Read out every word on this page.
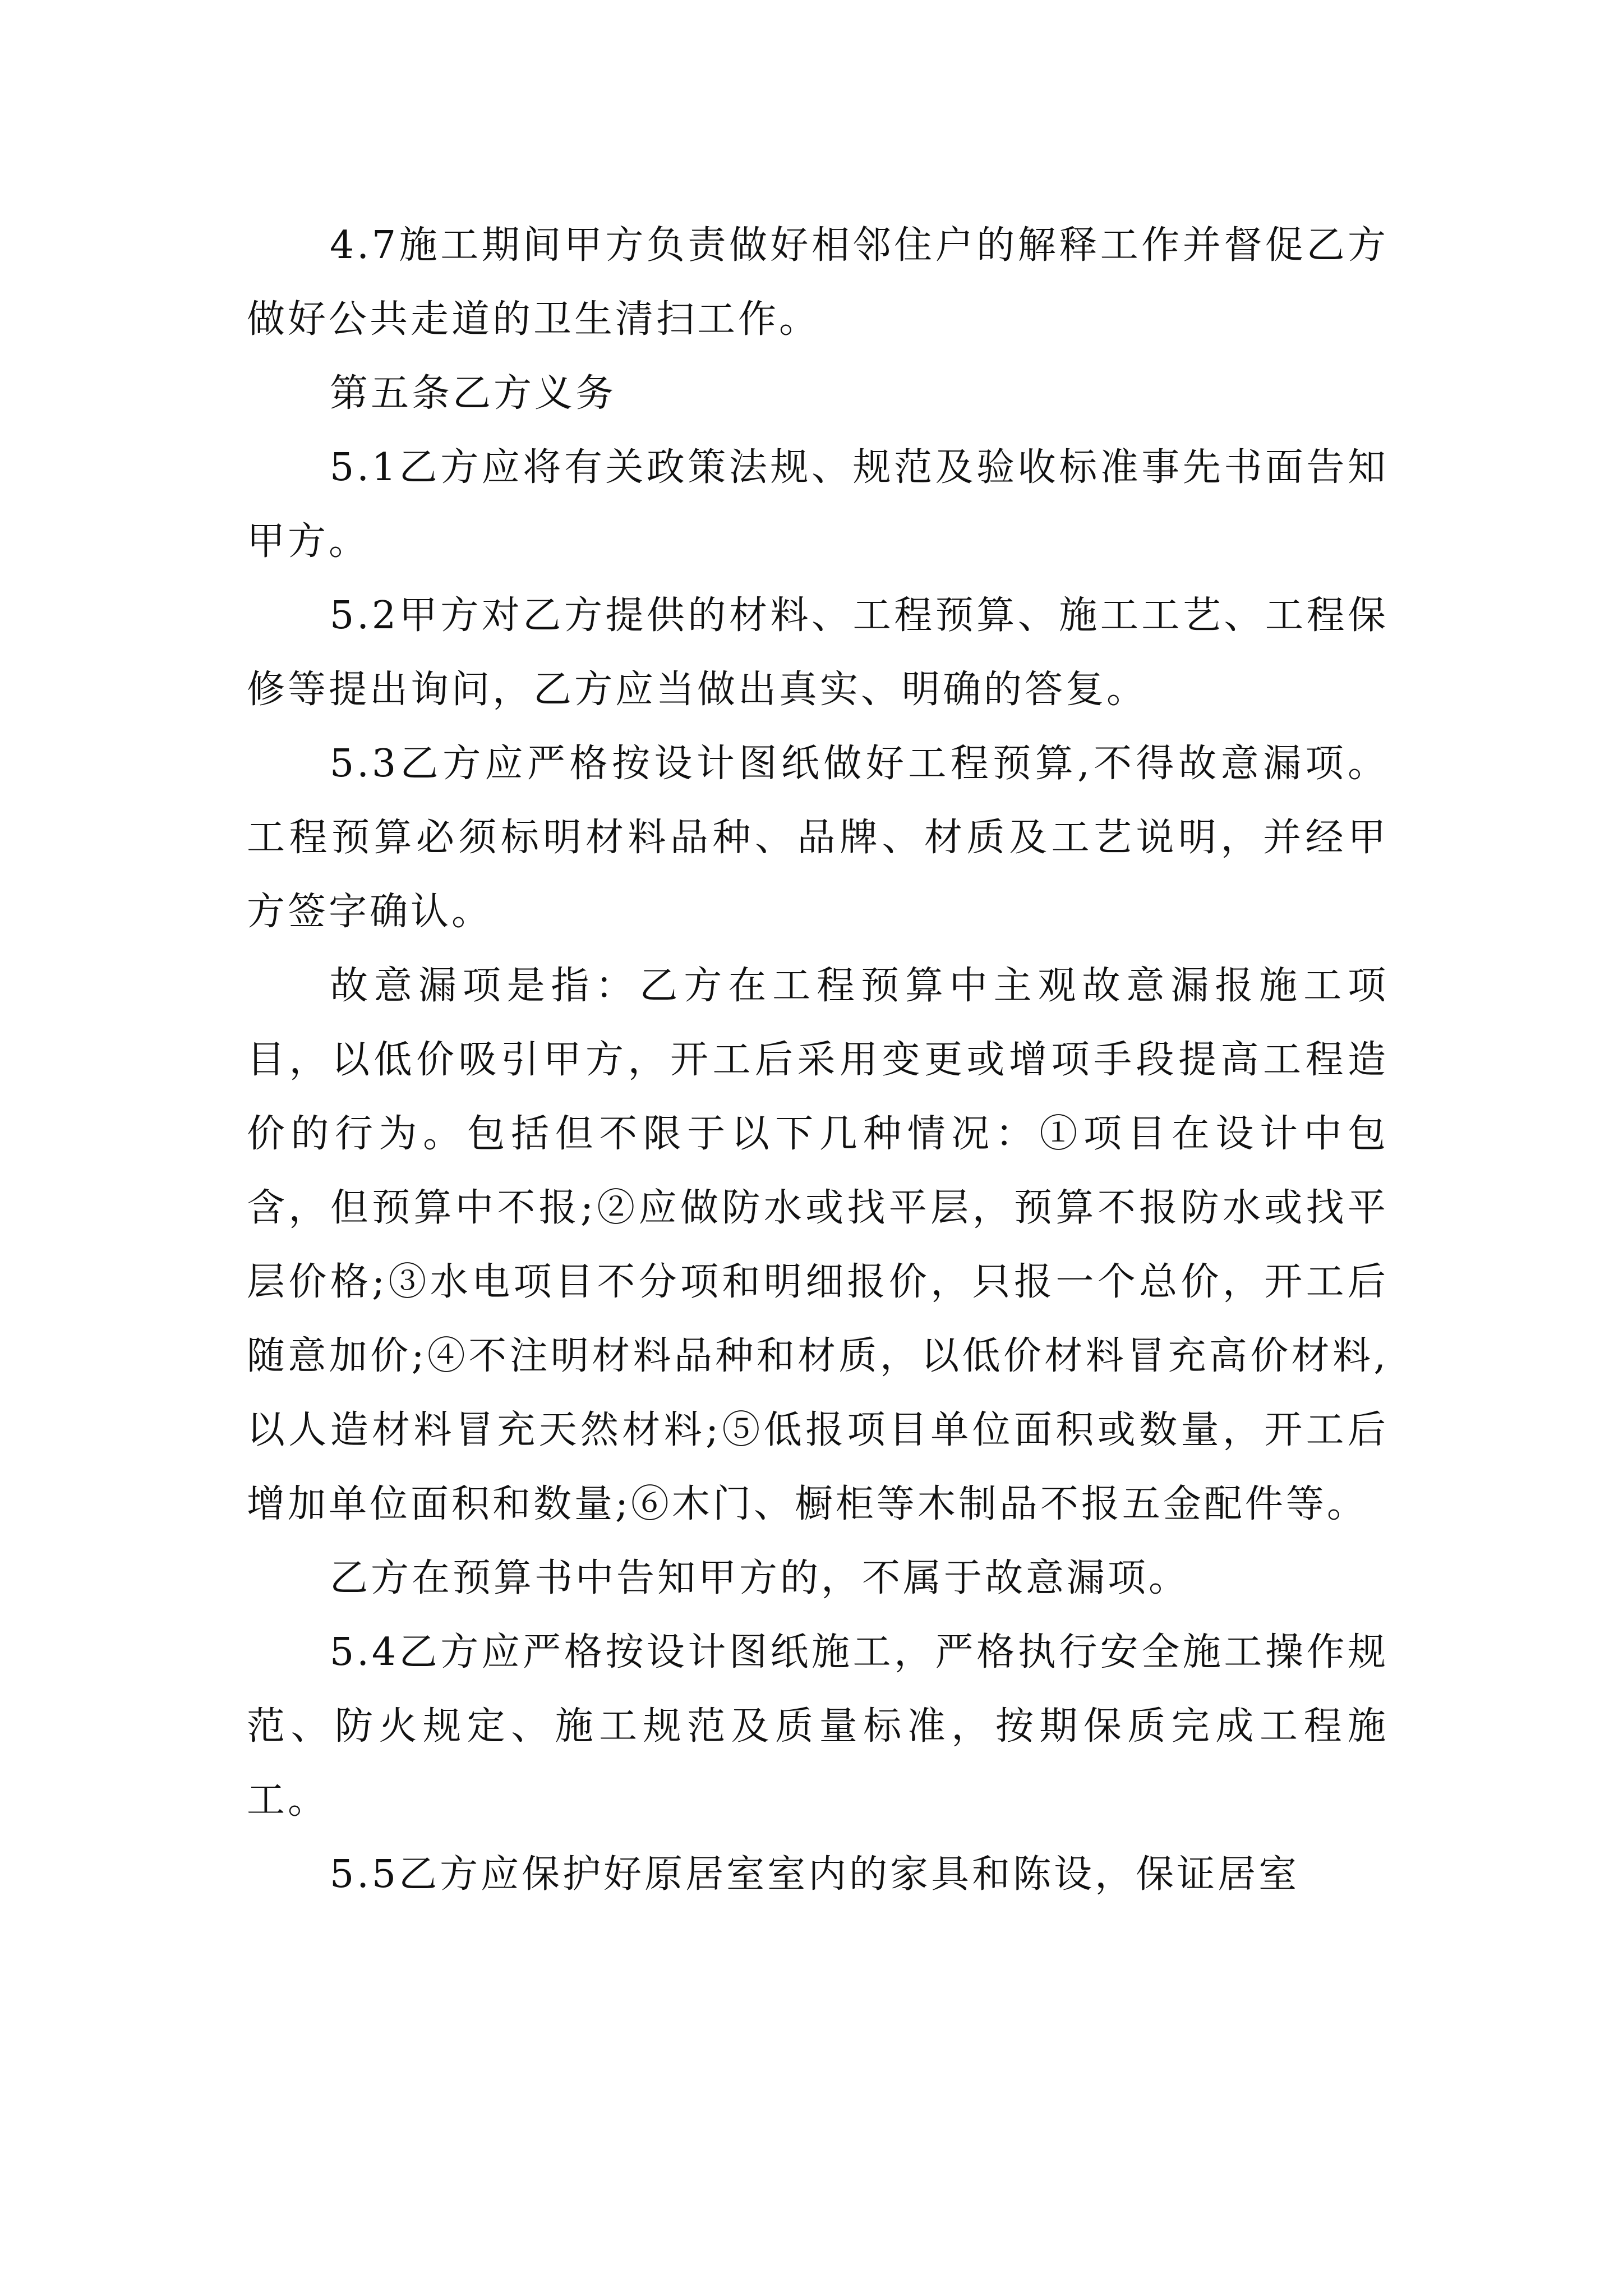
4.7施工期间甲方负责做好相邻住户的解释工作并督促乙方做好公共走道的卫生清扫工作。

第五条乙方义务

5.1乙方应将有关政策法规、规范及验收标准事先书面告知甲方。

5.2甲方对乙方提供的材料、工程预算、施工工艺、工程保修等提出询问，乙方应当做出真实、明确的答复。

5.3乙方应严格按设计图纸做好工程预算,不得故意漏项。工程预算必须标明材料品种、品牌、材质及工艺说明，并经甲方签字确认。

故意漏项是指：乙方在工程预算中主观故意漏报施工项目，以低价吸引甲方，开工后采用变更或增项手段提高工程造价的行为。包括但不限于以下几种情况：①项目在设计中包含，但预算中不报;②应做防水或找平层，预算不报防水或找平层价格;③水电项目不分项和明细报价，只报一个总价，开工后随意加价;④不注明材料品种和材质，以低价材料冒充高价材料,以人造材料冒充天然材料;⑤低报项目单位面积或数量，开工后增加单位面积和数量;⑥木门、橱柜等木制品不报五金配件等。

乙方在预算书中告知甲方的，不属于故意漏项。

5.4乙方应严格按设计图纸施工，严格执行安全施工操作规范、防火规定、施工规范及质量标准，按期保质完成工程施工。

5.5乙方应保护好原居室室内的家具和陈设，保证居室
